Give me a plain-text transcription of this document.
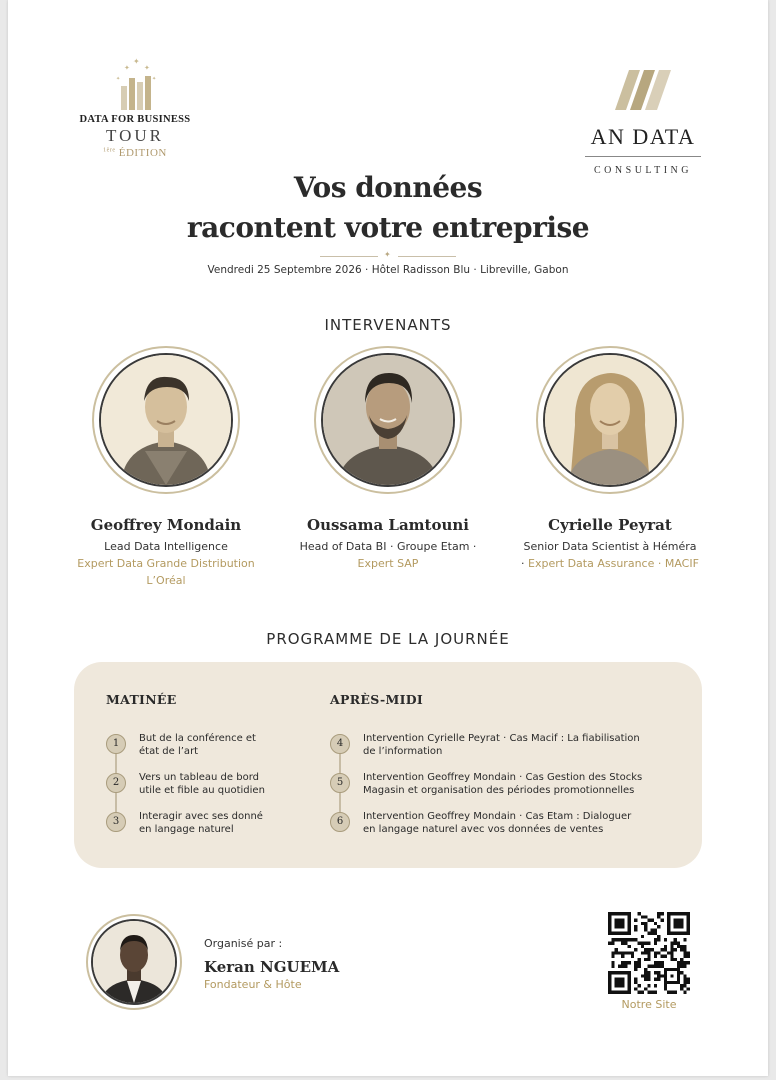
✦
✦
✦
✦	✦
DATA FOR BUSINESS
TOUR
$^{1ère}$ ÉDITION
AN DATA
CONSULTING
Vos données
racontent votre entreprise
✦
Vendredi 25 Septembre 2026 · Hôtel Radisson Blu · Libreville, Gabon
INTERVENANTS
Geoffrey Mondain
Lead Data Intelligence
Expert Data Grande Distribution L’Oréal
Oussama Lamtouni
Head of Data BI · Groupe Etam · Expert SAP
Cyrielle Peyrat
Senior Data Scientist à Héméra · Expert Data Assurance · MACIF
PROGRAMME DE LA JOURNÉE
MATINÉE	APRÈS-MIDI
1	But de la conférence et
état de l’art
2	Vers un tableau de bord
utile et fible au quotidien
3	Interagir avec ses donné
en langage naturel
4	Intervention Cyrielle Peyrat · Cas Macif : La fiabilisation
de l’information
5	Intervention Geoffrey Mondain · Cas Gestion des Stocks
Magasin et organisation des périodes promotionnelles
6	Intervention Geoffrey Mondain · Cas Etam : Dialoguer
en langage naturel avec vos données de ventes
Organisé par :
Keran NGUEMA
Fondateur & Hôte
Notre Site
